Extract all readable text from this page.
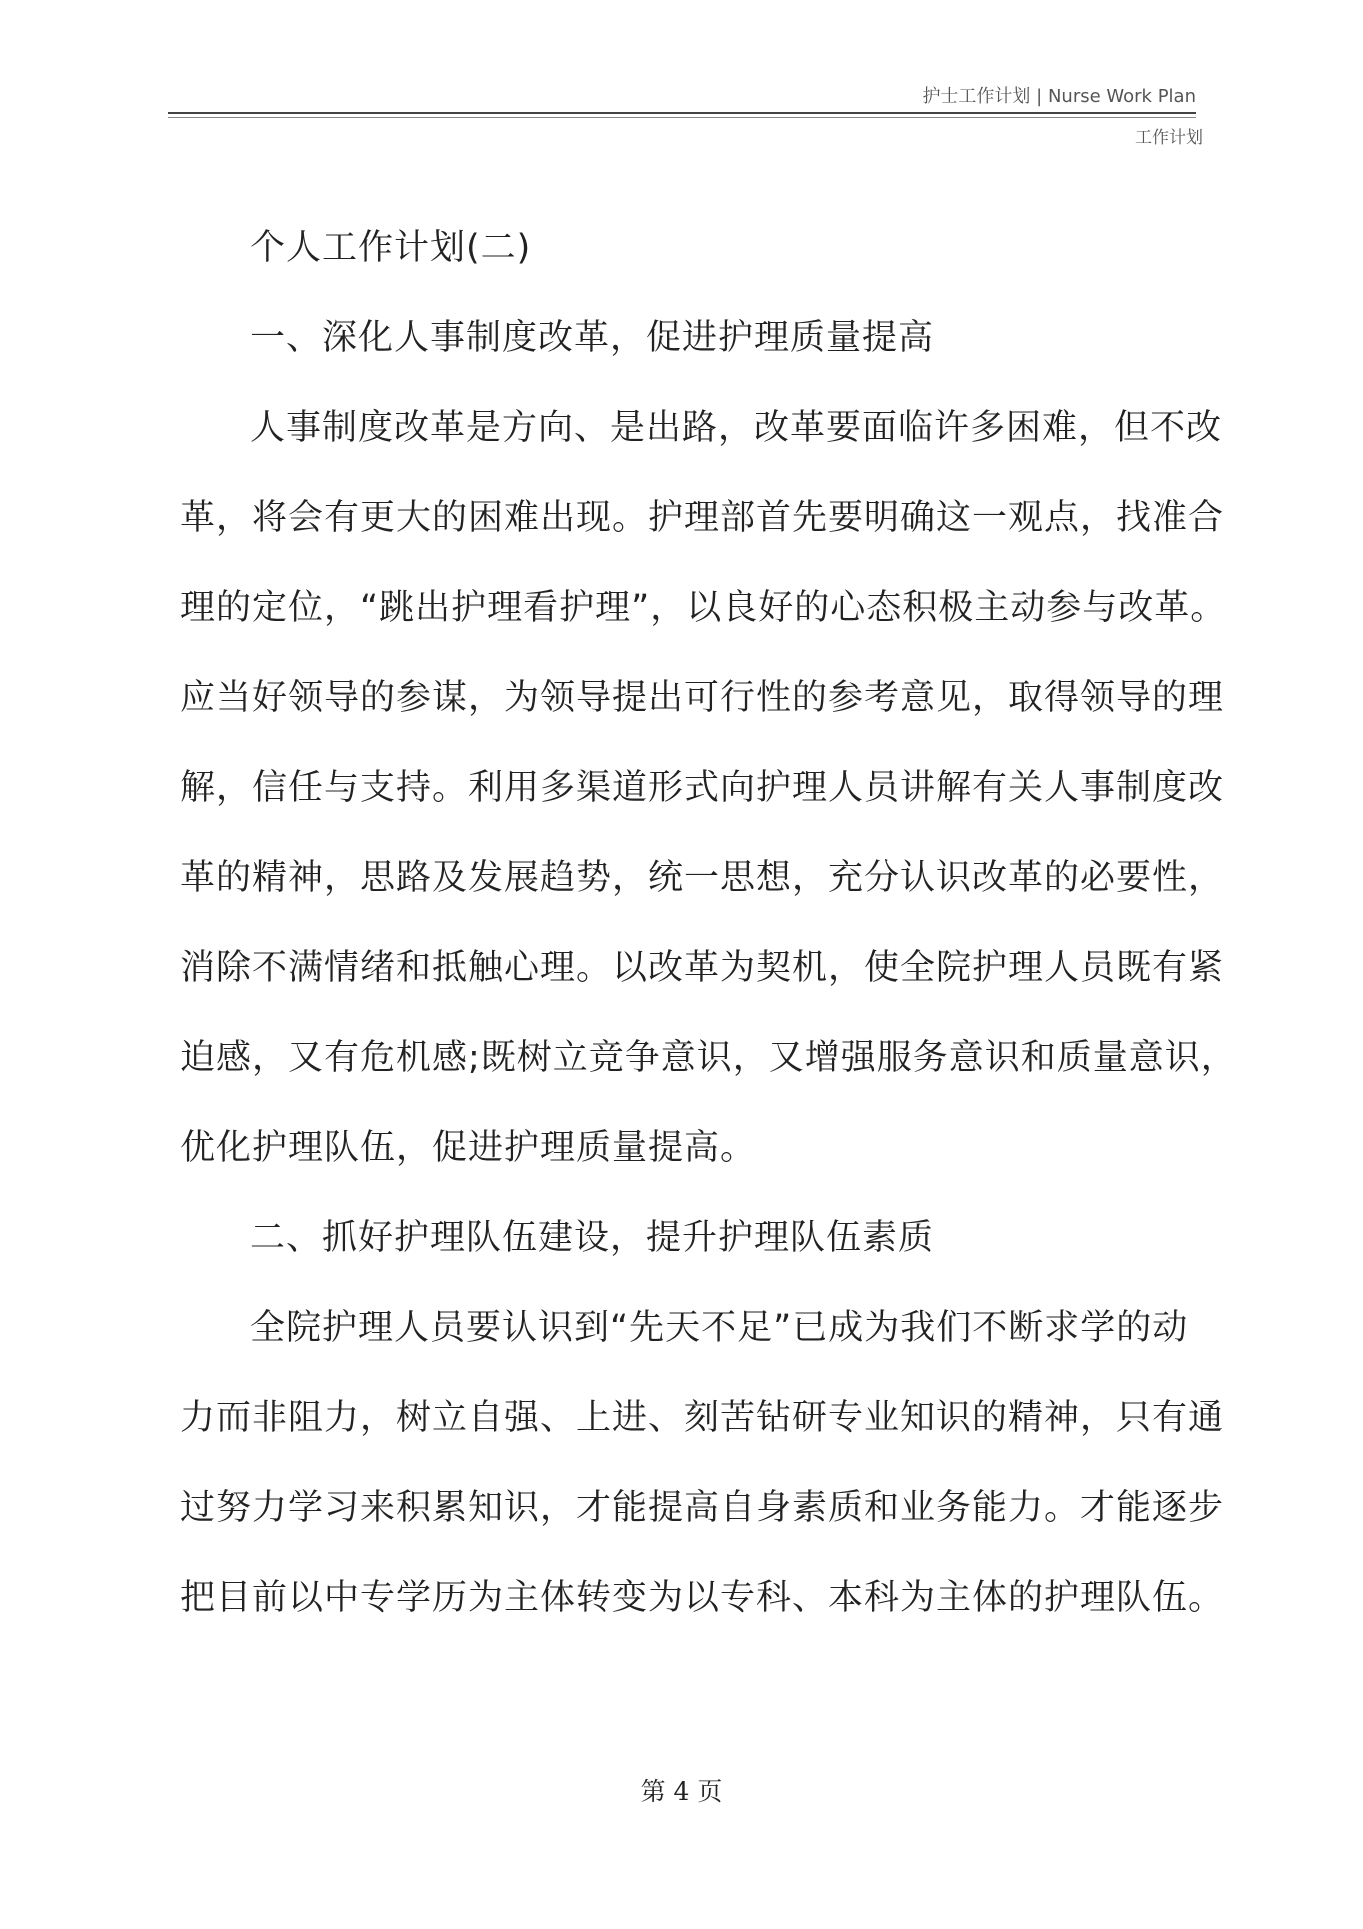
护士工作计划 | Nurse Work Plan
工作计划
个人工作计划(二)
一、深化人事制度改革，促进护理质量提高
人事制度改革是方向、是出路，改革要面临许多困难，但不改
革，将会有更大的困难出现。护理部首先要明确这一观点，找准合
理的定位，“跳出护理看护理”，以良好的心态积极主动参与改革。
应当好领导的参谋，为领导提出可行性的参考意见，取得领导的理
解，信任与支持。利用多渠道形式向护理人员讲解有关人事制度改
革的精神，思路及发展趋势，统一思想，充分认识改革的必要性，
消除不满情绪和抵触心理。以改革为契机，使全院护理人员既有紧
迫感，又有危机感;既树立竞争意识，又增强服务意识和质量意识，
优化护理队伍，促进护理质量提高。
二、抓好护理队伍建设，提升护理队伍素质
全院护理人员要认识到“先天不足”已成为我们不断求学的动
力而非阻力，树立自强、上进、刻苦钻研专业知识的精神，只有通
过努力学习来积累知识，才能提高自身素质和业务能力。才能逐步
把目前以中专学历为主体转变为以专科、本科为主体的护理队伍。
第 4 页
